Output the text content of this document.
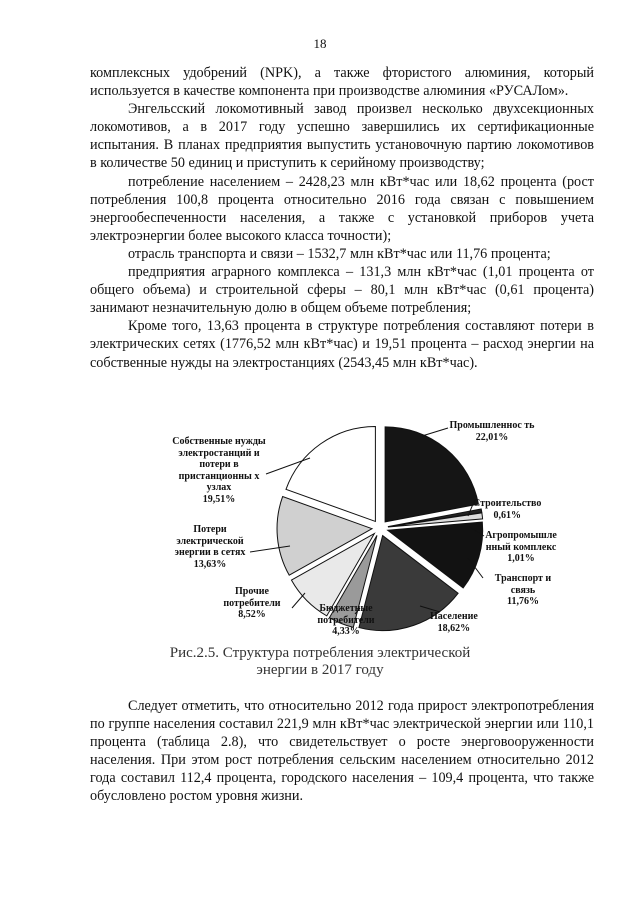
18

комплексных удобрений (NPK), а также фтористого алюминия, который используется в качестве компонента при производстве алюминия «РУСАЛом».

Энгельсский локомотивный завод произвел несколько двухсекционных локомотивов, а в 2017 году успешно завершились их сертификационные испытания. В планах предприятия выпустить установочную партию локомотивов в количестве 50 единиц и приступить к серийному производству;

потребление населением – 2428,23 млн кВт*час или 18,62 процента (рост потребления 100,8 процента относительно 2016 года связан с повышением энергообеспеченности населения, а также с установкой приборов учета электроэнергии более высокого класса точности);

отрасль транспорта и связи – 1532,7 млн кВт*час или 11,76 процента;

предприятия аграрного комплекса – 131,3 млн кВт*час (1,01 процента от общего объема) и строительной сферы – 80,1 млн кВт*час (0,61 процента) занимают незначительную долю в общем объеме потребления;

Кроме того, 13,63 процента в структуре потребления составляют потери в электрических сетях (1776,52 млн кВт*час) и 19,51 процента – расход энергии на собственные нужды на электростанциях (2543,45 млн кВт*час).

Промышленнос ть
22,01%
Строительство
0,61%
Агропромышле нный комплекс
1,01%
Транспорт и связь
11,76%
Население
18,62%
Бюджетные потребители
4,33%
Прочие потребители
8,52%
Потери электрической энергии в сетях
13,63%
Собственные нужды электростанций и потери в пристанционны х узлах
19,51%
Рис.2.5. Структура потребления электрической
энергии в 2017 году

Следует отметить, что относительно 2012 года прирост электропотребления по группе населения составил 221,9 млн кВт*час электрической энергии или 110,1 процента (таблица 2.8), что свидетельствует о росте энерговооруженности населения. При этом рост потребления сельским населением относительно 2012 года составил 112,4 процента, городского населения – 109,4 процента, что также обусловлено ростом уровня жизни.
